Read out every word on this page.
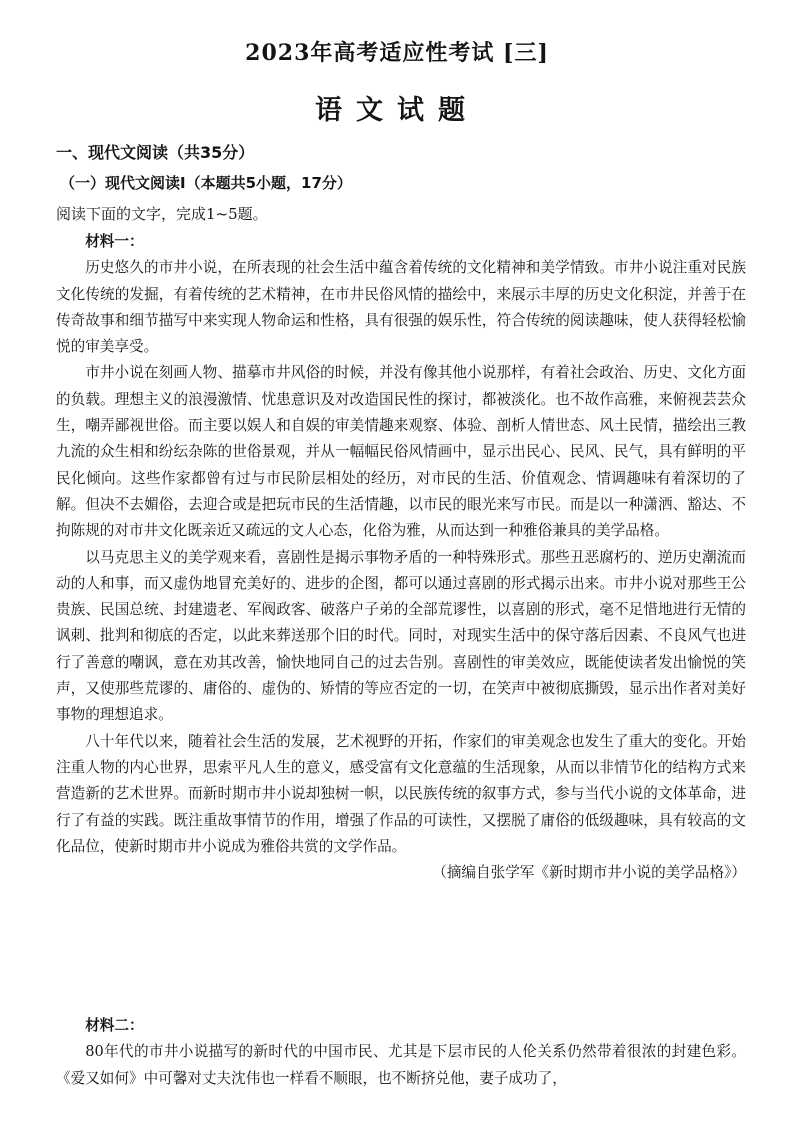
2023年高考适应性考试 [三]
语文试题
一、现代文阅读（共35分）
（一）现代文阅读Ⅰ（本题共5小题，17分）
阅读下面的文字，完成1~5题。

材料一：

历史悠久的市井小说，在所表现的社会生活中蕴含着传统的文化精神和美学情致。市井小说注重对民族文化传统的发掘，有着传统的艺术精神，在市井民俗风情的描绘中，来展示丰厚的历史文化积淀，并善于在传奇故事和细节描写中来实现人物命运和性格，具有很强的娱乐性，符合传统的阅读趣味，使人获得轻松愉悦的审美享受。

市井小说在刻画人物、描摹市井风俗的时候，并没有像其他小说那样，有着社会政治、历史、文化方面的负载。理想主义的浪漫激情、忧患意识及对改造国民性的探讨，都被淡化。也不故作高雅，来俯视芸芸众生，嘲弄鄙视世俗。而主要以娱人和自娱的审美情趣来观察、体验、剖析人情世态、风土民情，描绘出三教九流的众生相和纷纭杂陈的世俗景观，并从一幅幅民俗风情画中，显示出民心、民风、民气，具有鲜明的平民化倾向。这些作家都曾有过与市民阶层相处的经历，对市民的生活、价值观念、情调趣味有着深切的了解。但决不去媚俗，去迎合或是把玩市民的生活情趣，以市民的眼光来写市民。而是以一种潇洒、豁达、不拘陈规的对市井文化既亲近又疏远的文人心态，化俗为雅，从而达到一种雅俗兼具的美学品格。

以马克思主义的美学观来看，喜剧性是揭示事物矛盾的一种特殊形式。那些丑恶腐朽的、逆历史潮流而动的人和事，而又虚伪地冒充美好的、进步的企图，都可以通过喜剧的形式揭示出来。市井小说对那些王公贵族、民国总统、封建遗老、军阀政客、破落户子弟的全部荒谬性，以喜剧的形式，毫不足惜地进行无情的讽刺、批判和彻底的否定，以此来葬送那个旧的时代。同时，对现实生活中的保守落后因素、不良风气也进行了善意的嘲讽，意在劝其改善，愉快地同自己的过去告别。喜剧性的审美效应，既能使读者发出愉悦的笑声，又使那些荒谬的、庸俗的、虚伪的、矫情的等应否定的一切，在笑声中被彻底撕毁，显示出作者对美好事物的理想追求。

八十年代以来，随着社会生活的发展，艺术视野的开拓，作家们的审美观念也发生了重大的变化。开始注重人物的内心世界，思索平凡人生的意义，感受富有文化意蕴的生活现象，从而以非情节化的结构方式来营造新的艺术世界。而新时期市井小说却独树一帜，以民族传统的叙事方式，参与当代小说的文体革命，进行了有益的实践。既注重故事情节的作用，增强了作品的可读性，又摆脱了庸俗的低级趣味，具有较高的文化品位，使新时期市井小说成为雅俗共赏的文学作品。

（摘编自张学军《新时期市井小说的美学品格》）

材料二：

80年代的市井小说描写的新时代的中国市民、尤其是下层市民的人伦关系仍然带着很浓的封建色彩。《爱又如何》中可馨对丈夫沈伟也一样看不顺眼，也不断挤兑他，妻子成功了，
